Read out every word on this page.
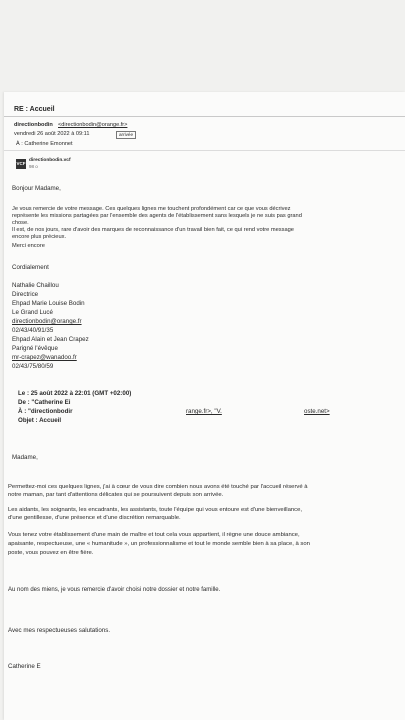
RE : Accueil
directionbodin <directionbodin@orange.fr>
vendredi 26 août 2022 à 09:11	arrivée
À : Catherine Emonnet
VCF
directionbodin.vcf
98 o
Bonjour Madame,
Je vous remercie de votre message. Ces quelques lignes me touchent profondément car ce que vous décrivez
représente les missions partagées par l'ensemble des agents de l'établissement sans lesquels je ne suis pas grand
chose.
Il est, de nos jours, rare d'avoir des marques de reconnaissance d'un travail bien fait, ce qui rend votre message
encore plus précieux.
Merci encore
Cordialement
Nathalie Chaillou
Directrice
Ehpad Marie Louise Bodin
Le Grand Lucé
directionbodin@orange.fr
02/43/40/91/35
Ehpad Alain et Jean Crapez
Parigné l'évêque
mr-crapez@wanadoo.fr
02/43/75/80/59
Le : 25 août 2022 à 22:01 (GMT +02:00)
De : "Catherine Ei
À : "directionbodir	range.fr>, "V.	oste.net>
Objet : Accueil
Madame,
Permettez-moi ces quelques lignes, j'ai à cœur de vous dire combien nous avons été touché par l'accueil réservé à
notre maman, par tant d'attentions délicates qui se poursuivent depuis son arrivée.
Les aidants, les soignants, les encadrants, les assistants, toute l'équipe qui vous entoure est d'une bienveillance,
d'une gentillesse, d'une présence et d'une discrétion remarquable.
Vous tenez votre établissement d'une main de maître et tout cela vous appartient, il règne une douce ambiance,
apaisante, respectueuse, une « humanitude », un professionnalisme et tout le monde semble bien à sa place, à son
poste, vous pouvez en être fière.
Au nom des miens, je vous remercie d'avoir choisi notre dossier et notre famille.
Avec mes respectueuses salutations.
Catherine E
